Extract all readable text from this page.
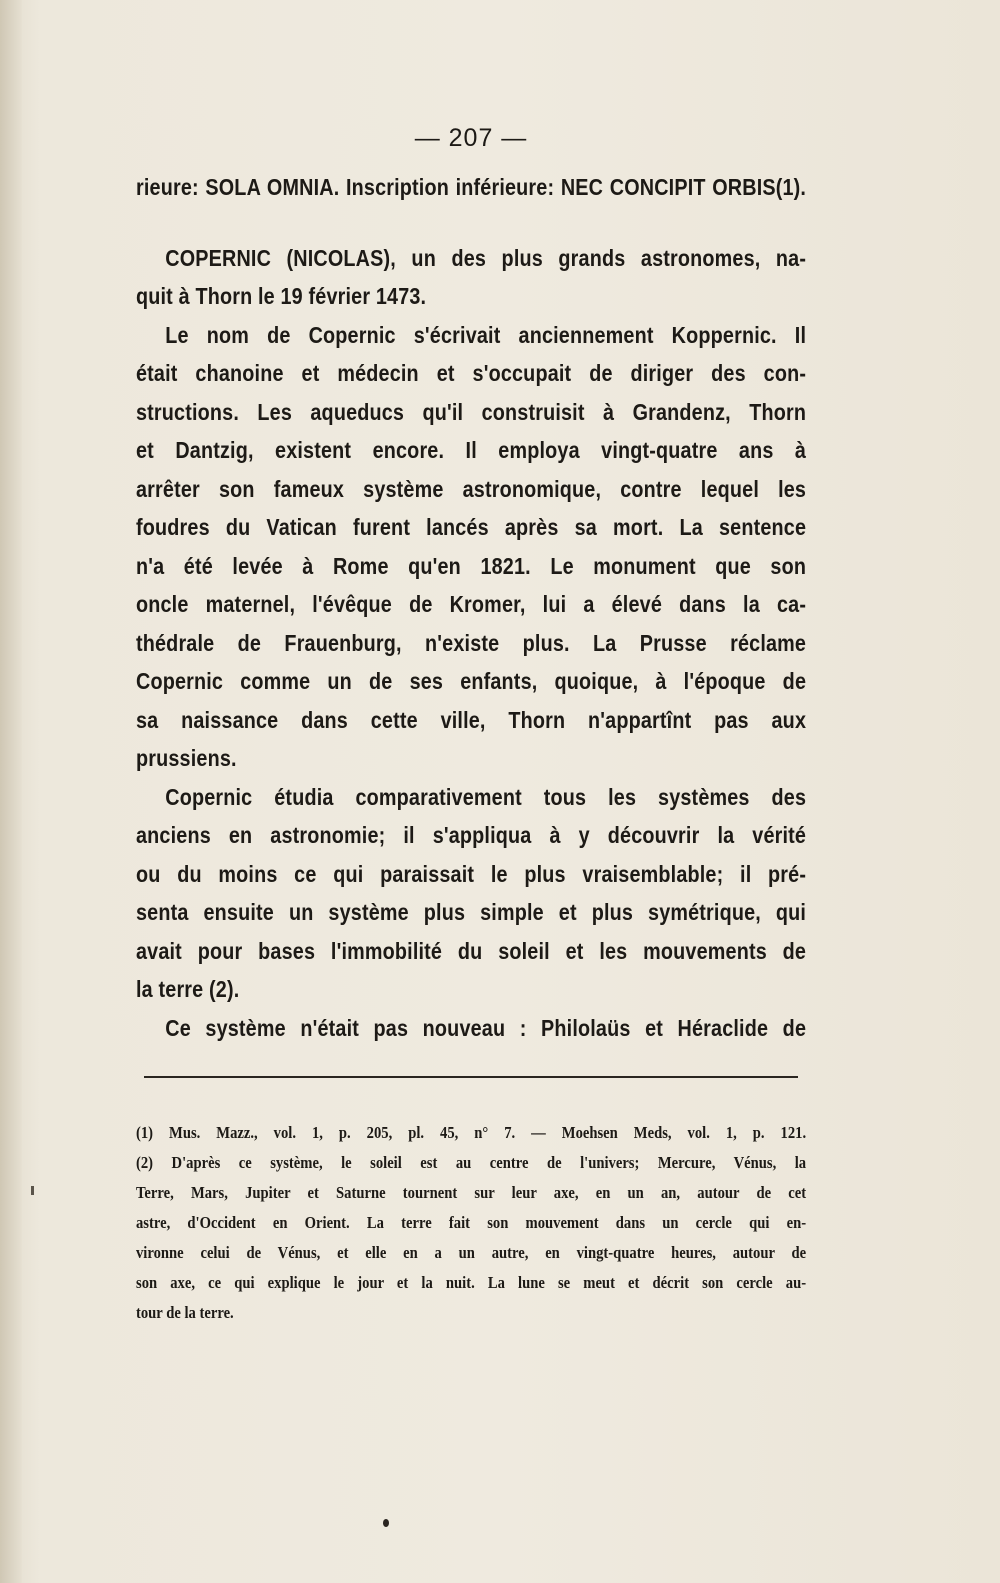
— 207 —
rieure: SOLA OMNIA. Inscription inférieure: NEC CONCIPIT ORBIS(1).
COPERNIC (NICOLAS), un des plus grands astronomes, na-
quit à Thorn le 19 février 1473.
Le nom de Copernic s'écrivait anciennement Koppernic. Il
était chanoine et médecin et s'occupait de diriger des con-
structions. Les aqueducs qu'il construisit à Grandenz, Thorn
et Dantzig, existent encore. Il employa vingt-quatre ans à
arrêter son fameux système astronomique, contre lequel les
foudres du Vatican furent lancés après sa mort. La sentence
n'a été levée à Rome qu'en 1821. Le monument que son
oncle maternel, l'évêque de Kromer, lui a élevé dans la ca-
thédrale de Frauenburg, n'existe plus. La Prusse réclame
Copernic comme un de ses enfants, quoique, à l'époque de
sa naissance dans cette ville, Thorn n'appartînt pas aux
prussiens.
Copernic étudia comparativement tous les systèmes des
anciens en astronomie; il s'appliqua à y découvrir la vérité
ou du moins ce qui paraissait le plus vraisemblable; il pré-
senta ensuite un système plus simple et plus symétrique, qui
avait pour bases l'immobilité du soleil et les mouvements de
la terre (2).
Ce système n'était pas nouveau : Philolaüs et Héraclide de
(1) Mus. Mazz., vol. 1, p. 205, pl. 45, n° 7. — Moehsen Meds, vol. 1, p. 121.
(2) D'après ce système, le soleil est au centre de l'univers; Mercure, Vénus, la
Terre, Mars, Jupiter et Saturne tournent sur leur axe, en un an, autour de cet
astre, d'Occident en Orient. La terre fait son mouvement dans un cercle qui en-
vironne celui de Vénus, et elle en a un autre, en vingt-quatre heures, autour de
son axe, ce qui explique le jour et la nuit. La lune se meut et décrit son cercle au-
tour de la terre.
